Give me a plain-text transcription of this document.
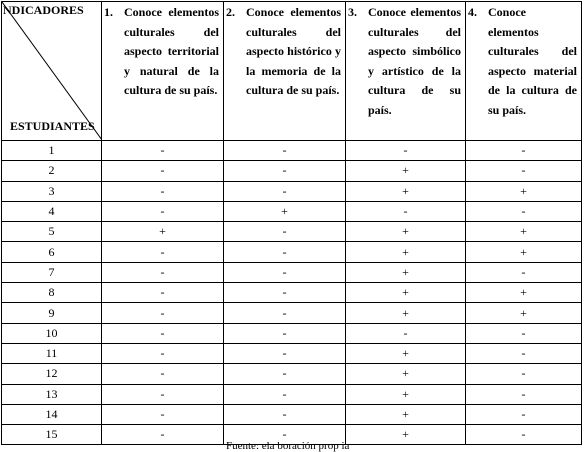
NDICADORES
ESTUDIANTES	1. Conoce elementos culturales del aspecto territorial y natural de la cultura de su país.	2. Conoce elementos culturales del aspecto histórico y la memoria de la cultura de su país.	3. Conoce elementos culturales del aspecto simbólico y artístico de la cultura de su país.	4. Conoce elementos culturales del aspecto material de la cultura de su país.

1	-	-	-	-
2	-	-	+	-
3	-	-	+	+
4	-	+	-	-
5	+	-	+	+
6	-	-	+	+
7	-	-	+	-
8	-	-	+	+
9	-	-	+	+
10	-	-	-	-
11	-	-	+	-
12	-	-	+	-
13	-	-	+	-
14	-	-	+	-
15	-	-	+	-
Fuente: ela boración prop ia
